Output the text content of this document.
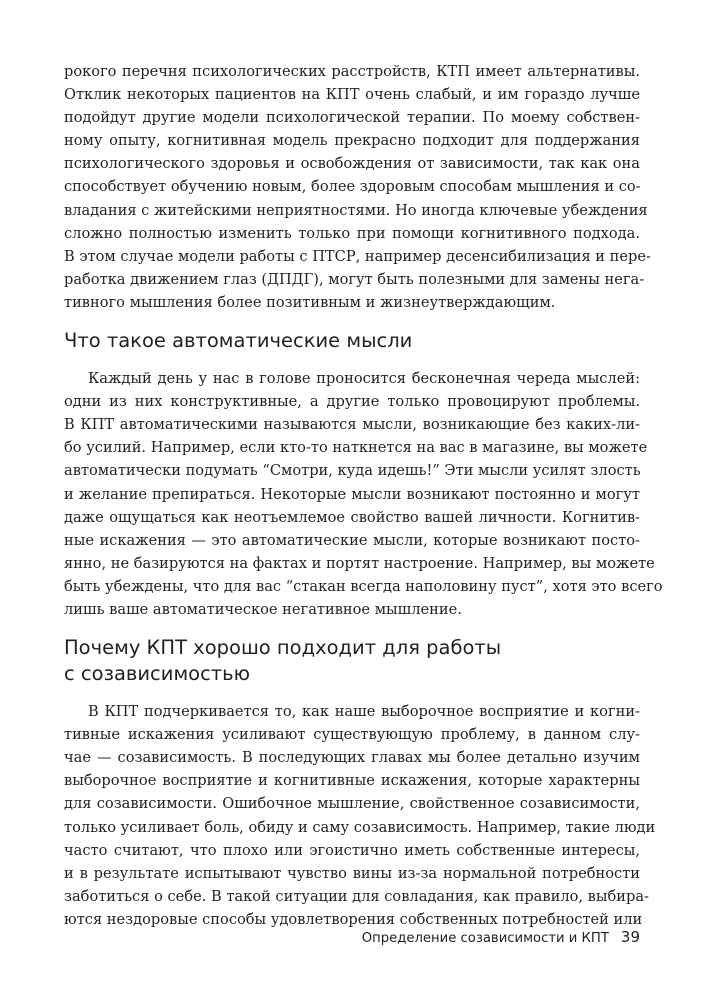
рокого перечня психологических расстройств, КТП имеет альтернативы.
Отклик некоторых пациентов на КПТ очень слабый, и им гораздо лучше
подойдут другие модели психологической терапии. По моему собствен-
ному опыту, когнитивная модель прекрасно подходит для поддержания
психологического здоровья и освобождения от зависимости, так как она
способствует обучению новым, более здоровым способам мышления и со-
владания с житейскими неприятностями. Но иногда ключевые убеждения
сложно полностью изменить только при помощи когнитивного подхода.
В этом случае модели работы с ПТСР, например десенсибилизация и пере-
работка движением глаз (ДПДГ), могут быть полезными для замены нега-
тивного мышления более позитивным и жизнеутверждающим.
Что такое автоматические мысли
Каждый день у нас в голове проносится бесконечная череда мыслей:
одни из них конструктивные, а другие только провоцируют проблемы.
В КПТ автоматическими называются мысли, возникающие без каких-ли-
бо усилий. Например, если кто-то наткнется на вас в магазине, вы можете
автоматически подумать “Смотри, куда идешь!” Эти мысли усилят злость
и желание препираться. Некоторые мысли возникают постоянно и могут
даже ощущаться как неотъемлемое свойство вашей личности. Когнитив-
ные искажения — это автоматические мысли, которые возникают посто-
янно, не базируются на фактах и портят настроение. Например, вы можете
быть убеждены, что для вас “стакан всегда наполовину пуст”, хотя это всего
лишь ваше автоматическое негативное мышление.
Почему КПТ хорошо подходит для работы
с созависимостью
В КПТ подчеркивается то, как наше выборочное восприятие и когни-
тивные искажения усиливают существующую проблему, в данном слу-
чае — созависимость. В последующих главах мы более детально изучим
выборочное восприятие и когнитивные искажения, которые характерны
для созависимости. Ошибочное мышление, свойственное созависимости,
только усиливает боль, обиду и саму созависимость. Например, такие люди
часто считают, что плохо или эгоистично иметь собственные интересы,
и в результате испытывают чувство вины из-за нормальной потребности
заботиться о себе. В такой ситуации для совладания, как правило, выбира-
ются нездоровые способы удовлетворения собственных потребностей или
Определение созависимости и КПТ 39
